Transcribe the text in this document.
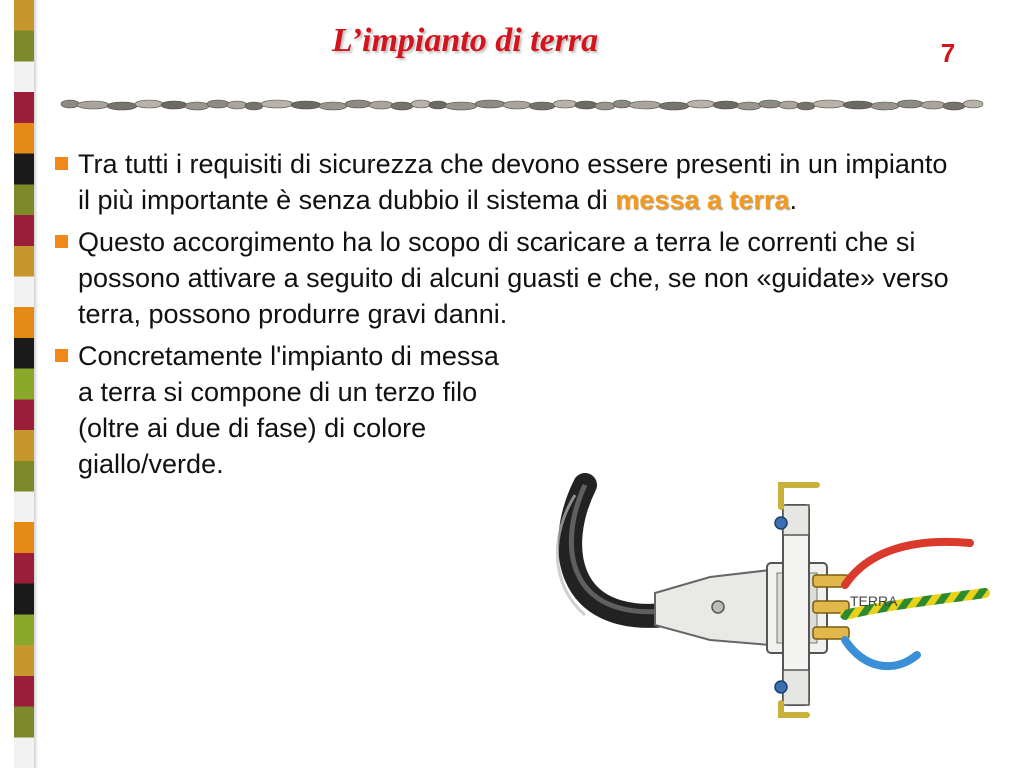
L’impianto di terra	7
Tra tutti i requisiti di sicurezza che devono essere presenti in un impianto il più importante è senza dubbio il sistema di messa a terra.
Questo accorgimento ha lo scopo di scaricare a terra le correnti che si possono attivare a seguito di alcuni guasti e che, se non «guidate» verso terra, possono produrre gravi danni.
Concretamente l'impianto di messa a terra si compone di un terzo filo (oltre ai due di fase) di colore giallo/verde.
TERRA
